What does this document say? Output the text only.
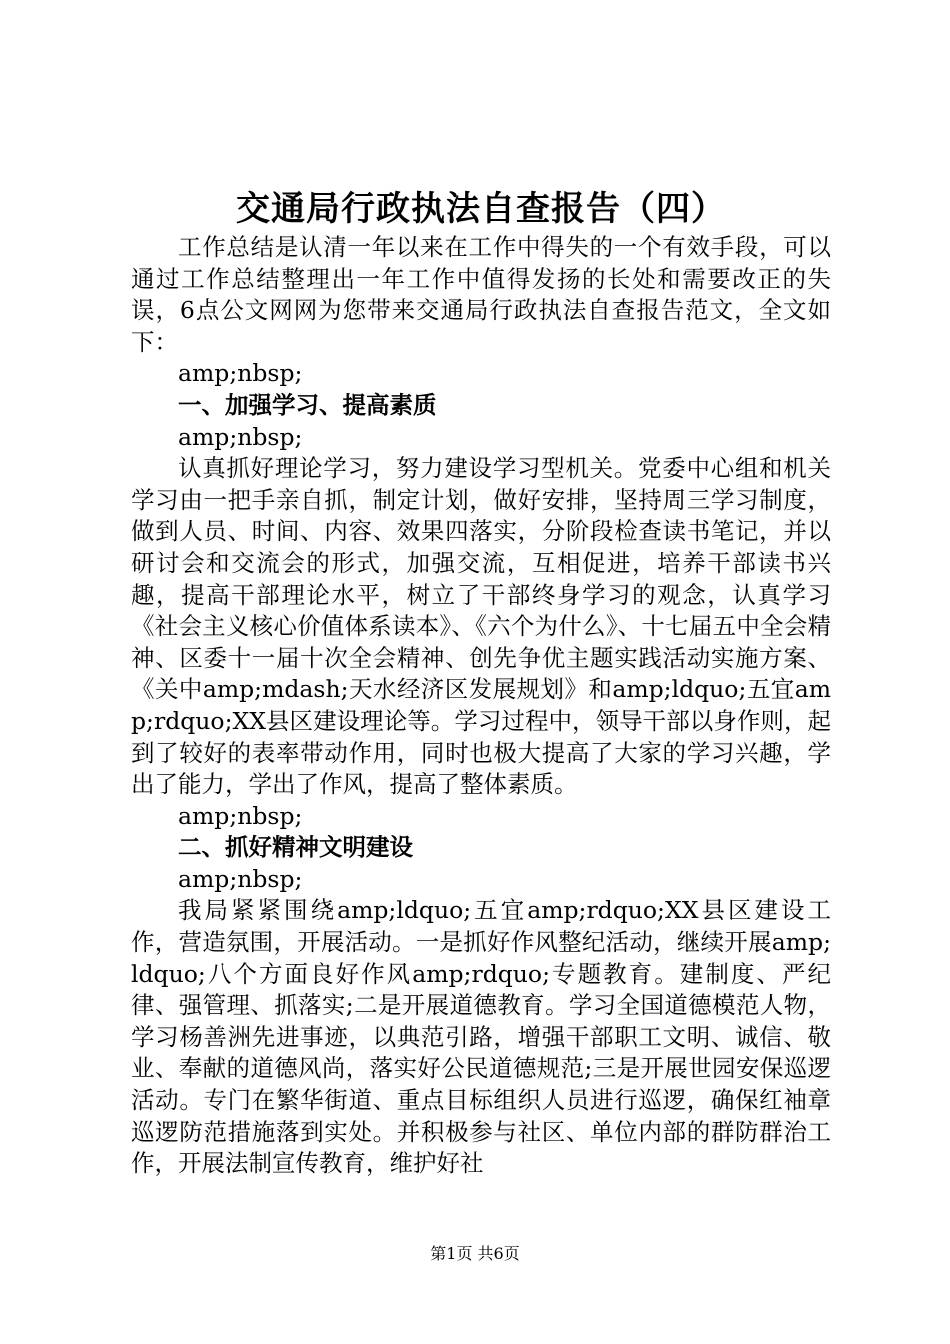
交通局行政执法自查报告（四）

工作总结是认清一年以来在工作中得失的一个有效手段，可以通过工作总结整理出一年工作中值得发扬的长处和需要改正的失误，6点公文网网为您带来交通局行政执法自查报告范文，全文如下：

amp;nbsp;

一、加强学习、提高素质

amp;nbsp;

认真抓好理论学习，努力建设学习型机关。党委中心组和机关学习由一把手亲自抓，制定计划，做好安排，坚持周三学习制度，做到人员、时间、内容、效果四落实，分阶段检查读书笔记，并以研讨会和交流会的形式，加强交流，互相促进，培养干部读书兴趣，提高干部理论水平，树立了干部终身学习的观念，认真学习《社会主义核心价值体系读本》、《六个为什么》、十七届五中全会精神、区委十一届十次全会精神、创先争优主题实践活动实施方案、《关中amp;mdash;天水经济区发展规划》和amp;ldquo;五宜amp;rdquo;XX县区建设理论等。学习过程中，领导干部以身作则，起到了较好的表率带动作用，同时也极大提高了大家的学习兴趣，学出了能力，学出了作风，提高了整体素质。

amp;nbsp;

二、抓好精神文明建设

amp;nbsp;

我局紧紧围绕amp;ldquo;五宜amp;rdquo;XX县区建设工作，营造氛围，开展活动。一是抓好作风整纪活动，继续开展amp;ldquo;八个方面良好作风amp;rdquo;专题教育。建制度、严纪律、强管理、抓落实;二是开展道德教育。学习全国道德模范人物，学习杨善洲先进事迹，以典范引路，增强干部职工文明、诚信、敬业、奉献的道德风尚，落实好公民道德规范;三是开展世园安保巡逻活动。专门在繁华街道、重点目标组织人员进行巡逻，确保红袖章巡逻防范措施落到实处。并积极参与社区、单位内部的群防群治工作，开展法制宣传教育，维护好社

第1页 共6页
